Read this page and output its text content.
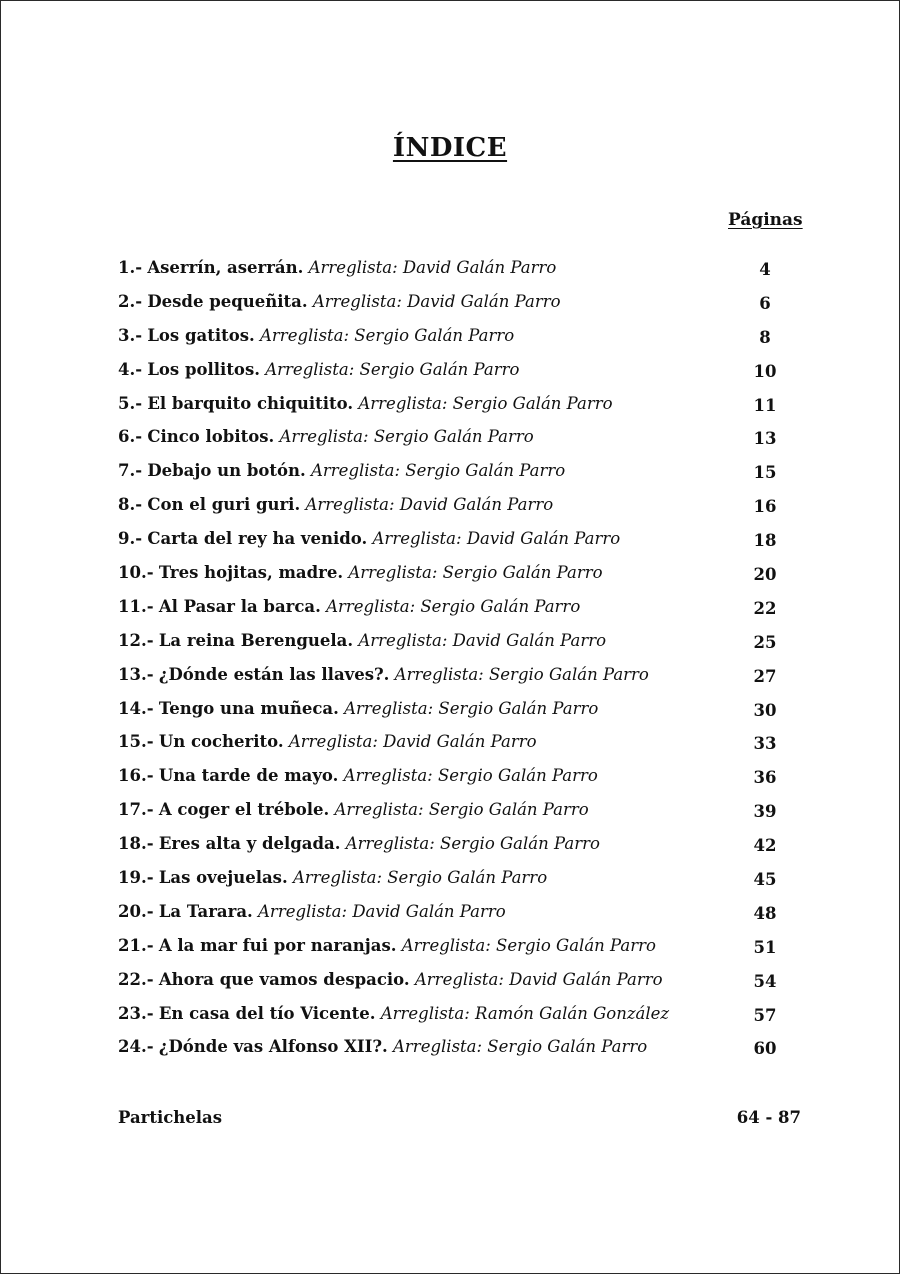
ÍNDICE
Páginas
1.- Aserrín, aserrán. Arreglista: David Galán Parro	4
2.- Desde pequeñita. Arreglista: David Galán Parro	6
3.- Los gatitos. Arreglista: Sergio Galán Parro	8
4.- Los pollitos. Arreglista: Sergio Galán Parro	10
5.- El barquito chiquitito. Arreglista: Sergio Galán Parro	11
6.- Cinco lobitos. Arreglista: Sergio Galán Parro	13
7.- Debajo un botón. Arreglista: Sergio Galán Parro	15
8.- Con el guri guri. Arreglista: David Galán Parro	16
9.- Carta del rey ha venido. Arreglista: David Galán Parro	18
10.- Tres hojitas, madre. Arreglista: Sergio Galán Parro	20
11.- Al Pasar la barca. Arreglista: Sergio Galán Parro	22
12.- La reina Berenguela. Arreglista: David Galán Parro	25
13.- ¿Dónde están las llaves?. Arreglista: Sergio Galán Parro	27
14.- Tengo una muñeca. Arreglista: Sergio Galán Parro	30
15.- Un cocherito. Arreglista: David Galán Parro	33
16.- Una tarde de mayo. Arreglista: Sergio Galán Parro	36
17.- A coger el trébole. Arreglista: Sergio Galán Parro	39
18.- Eres alta y delgada. Arreglista: Sergio Galán Parro	42
19.- Las ovejuelas. Arreglista: Sergio Galán Parro	45
20.- La Tarara. Arreglista: David Galán Parro	48
21.- A la mar fui por naranjas. Arreglista: Sergio Galán Parro	51
22.- Ahora que vamos despacio. Arreglista: David Galán Parro	54
23.- En casa del tío Vicente. Arreglista: Ramón Galán González	57
24.- ¿Dónde vas Alfonso XII?. Arreglista: Sergio Galán Parro	60
Partichelas	64 - 87
